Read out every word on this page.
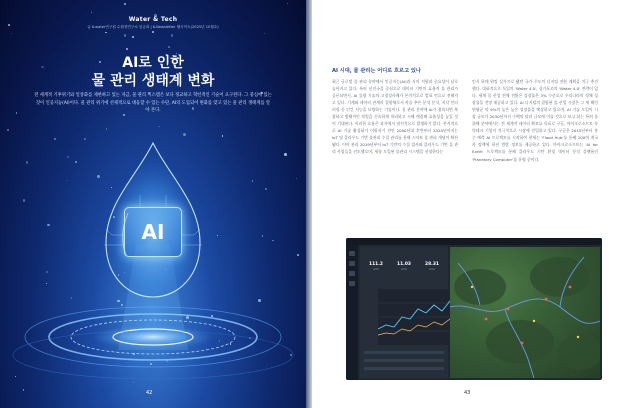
Water & Tech
글 K-water연구원 수환경연구소 임금희 | K-Newsletter 웹사이트(2025년 10월호)
AI로 인한
물 관리 생태계 변화
전 세계적 기후위기와 일상화를 제한하고 있는 지금, 물 관리 시스템은 보다 정교하고 혁신적인 기술이 요구된다. 그 중심에 있는 것이 인공지능(AI)이다. 물 관리 위기에 선제적으로 대응할 수 있는 수단, AI의 도입되어 변화를 맞고 있는 물 관리 생태계를 알아 본다.
AI
42
AI 시대, 물 관리는 어디로 흐르고 있나
최근 글로벌 물 관리 분야에서 인공지능(AI)과 사이 적합과 중요성이 날로 높아지고 있다. 특히 선진국을 중심으로 데이터 기반의 효율적 물 관리가 공론되면서, AI 물량 기술의 고경성사례가 본격적으로 발표 언으로 전해지고 있다. 기계와 데이터 관계의 결합체로서 학습 추론 분석 분석, 지각 인터러링 등 인간 지능을 모방하는 기술이다. 물 관리 분야에 AI가 접목되면 복잡하고 방해적인 작업을 신속하게 처리하고 시해 예결해 효율성을 높일 것이 기대된다. 이러한 흐름은 과거에서 점진적으로 발생하기 않다. 본격적으로 AI 기술 활성화가 이뤄지기 전인 2000년대 후반부터 2020년까지는 IoT 및 클라우드 기반 물관리 수집 관리를 통해 스마트 물 관리 개념이 확산됐다. 이어 관리 2019년부터 IoT 기반의 수질 검사와 클라우드 기반 물 관리 사업들을 선도했으며, 새롭 도입된 물관리 시스템을 선정한다는
인식 하에 워킹 실가프로 됐던 국가 주도의 디지털 전환 계획을 적극 추진했다. 대표적으로 독일의 'Water 4.0', 싱가포르의 'Water 4.0' 전략이 있다. 세계 물 산업 전체 전환은 성장률은 3% 수준으로 우리나라의 정체 성장률을 전망 제공하고 있다. AI 디지털의 결합된 물 산업 시장은 그 새 해인 연평균 약 9%의 높은 높은 성장률을 예상하고 있으며, AI 기술 도입이 시장 규모가 2030년까지 수백억 달러 규모에 이를 것으로 보고 되는 특히 물 위해 분야에서는 전 세계적 데이터 확보를 목표로 구글, 마이크로소프트 등 빅테크 기업이 적극적으로 시장에 진입하고 있다. 구글은 2015년부터 홍수 예측 AI 프로젝트를 시작하여 현재는 'Flood Hub'를 통해 100여 개국 카 정책에 하천 범람 정보를 제공하고 있다. 마이크로소프트는 'AI for Earth' 프로젝트를 통해 클라우드 기반 환경 데이터 분석 플랫폼인 'Planetary Computer'를 운영 중이다.
111.2
mm
11.03
mm
28.31
mm
43
